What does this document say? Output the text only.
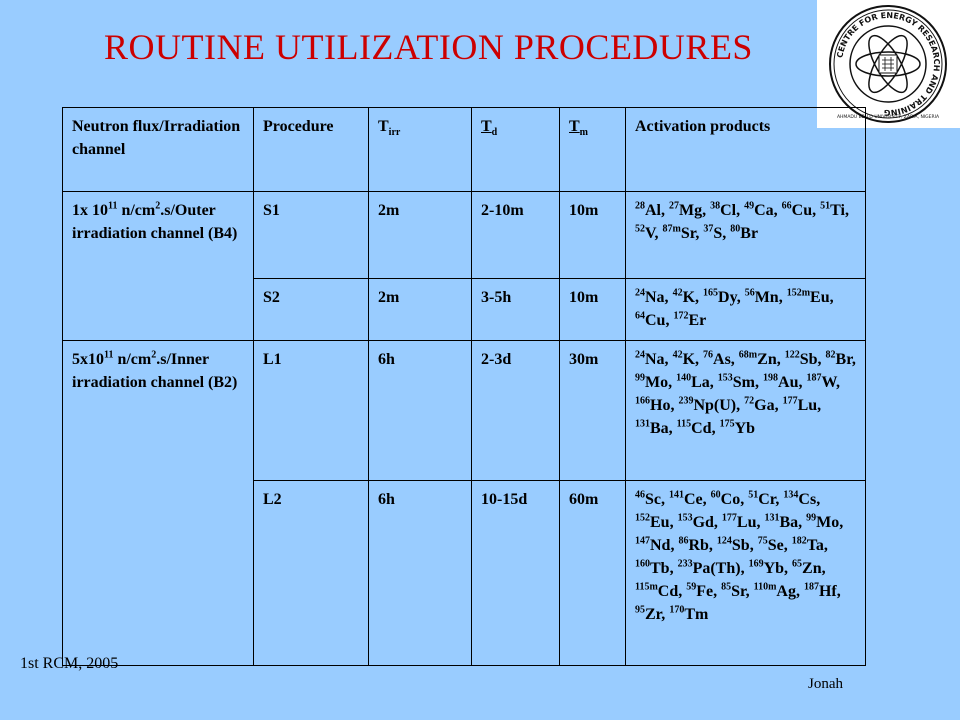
ROUTINE UTILIZATION PROCEDURES	CENTRE FOR ENERGY RESEARCH AND TRAINING
AHMADU BELLO UNIVERSITY, ZARIA, NIGERIA
Neutron flux/Irradiation channel	Procedure	$T_{irr}$	$T_d$	$T_m$	Activation products
1x $10^{11}$ $n/cm^2.s$/Outer irradiation channel (B4)	S1	2m	2-10m	10m	$^{28}$Al, $^{27}$Mg, $^{38}$Cl, $^{49}$Ca, $^{66}$Cu, $^{51}$Ti, $^{52}$V, $^{87m}$Sr, $^{37}$S, $^{80}$Br
	S2	2m	3-5h	10m	$^{24}$Na, $^{42}$K, $^{165}$Dy, $^{56}$Mn, $^{152m}$Eu, $^{64}$Cu, $^{172}$Er
$5x10^{11}$ $n/cm^2.s$/Inner irradiation channel (B2)	L1	6h	2-3d	30m	$^{24}$Na, $^{42}$K, $^{76}$As, $^{68m}$Zn, $^{122}$Sb, $^{82}$Br, $^{99}$Mo, $^{140}$La, $^{153}$Sm, $^{198}$Au, $^{187}$W, $^{166}$Ho, $^{239}$Np(U), $^{72}$Ga, $^{177}$Lu, $^{131}$Ba, $^{115}$Cd, $^{175}$Yb
	L2	6h	10-15d	60m	$^{46}$Sc, $^{141}$Ce, $^{60}$Co, $^{51}$Cr, $^{134}$Cs, $^{152}$Eu, $^{153}$Gd, $^{177}$Lu, $^{131}$Ba, $^{99}$Mo, $^{147}$Nd, $^{86}$Rb, $^{124}$Sb, $^{75}$Se, $^{182}$Ta, $^{160}$Tb, $^{233}$Pa(Th), $^{169}$Yb, $^{65}$Zn, $^{115m}$Cd, $^{59}$Fe, $^{85}$Sr, $^{110m}$Ag, $^{187}$Hf, $^{95}$Zr, $^{170}$Tm
1st RCM, 2005
Jonah
